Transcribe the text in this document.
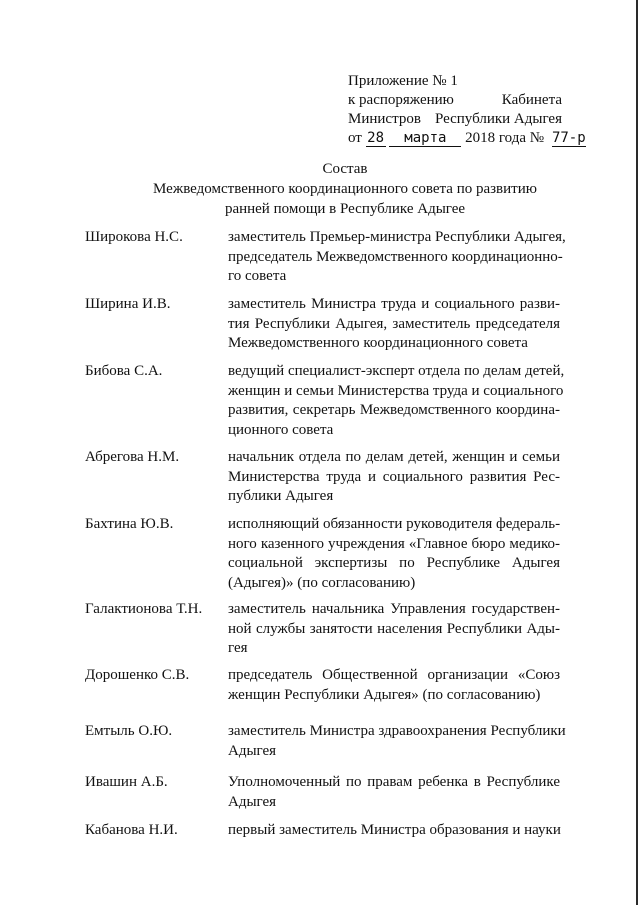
Приложение № 1
к распоряжению	Кабинета
Министров Республики Адыгея
от 28 марта 2018 года № 77-р
Состав
Межведомственного координационного совета по развитию
ранней помощи в Республике Адыгее
Широкова Н.С.	заместитель Премьер-министра Республики Адыгея,
председатель Межведомственного координационно-
го совета
Ширина И.В.	заместитель Министра труда и социального разви-
тия Республики Адыгея, заместитель председателя
Межведомственного координационного совета
Бибова С.А.	ведущий специалист-эксперт отдела по делам детей,
женщин и семьи Министерства труда и социального
развития, секретарь Межведомственного координа-
ционного совета
Абрегова Н.М.	начальник отдела по делам детей, женщин и семьи
Министерства труда и социального развития Рес-
публики Адыгея
Бахтина Ю.В.	исполняющий обязанности руководителя федераль-
ного казенного учреждения «Главное бюро медико-
социальной экспертизы по Республике Адыгея
(Адыгея)» (по согласованию)
Галактионова Т.Н.	заместитель начальника Управления государствен-
ной службы занятости населения Республики Ады-
гея
Дорошенко С.В.	председатель Общественной организации «Союз
женщин Республики Адыгея» (по согласованию)
Емтыль О.Ю.	заместитель Министра здравоохранения Республики
Адыгея
Ивашин А.Б.	Уполномоченный по правам ребенка в Республике
Адыгея
Кабанова Н.И.	первый заместитель Министра образования и науки
